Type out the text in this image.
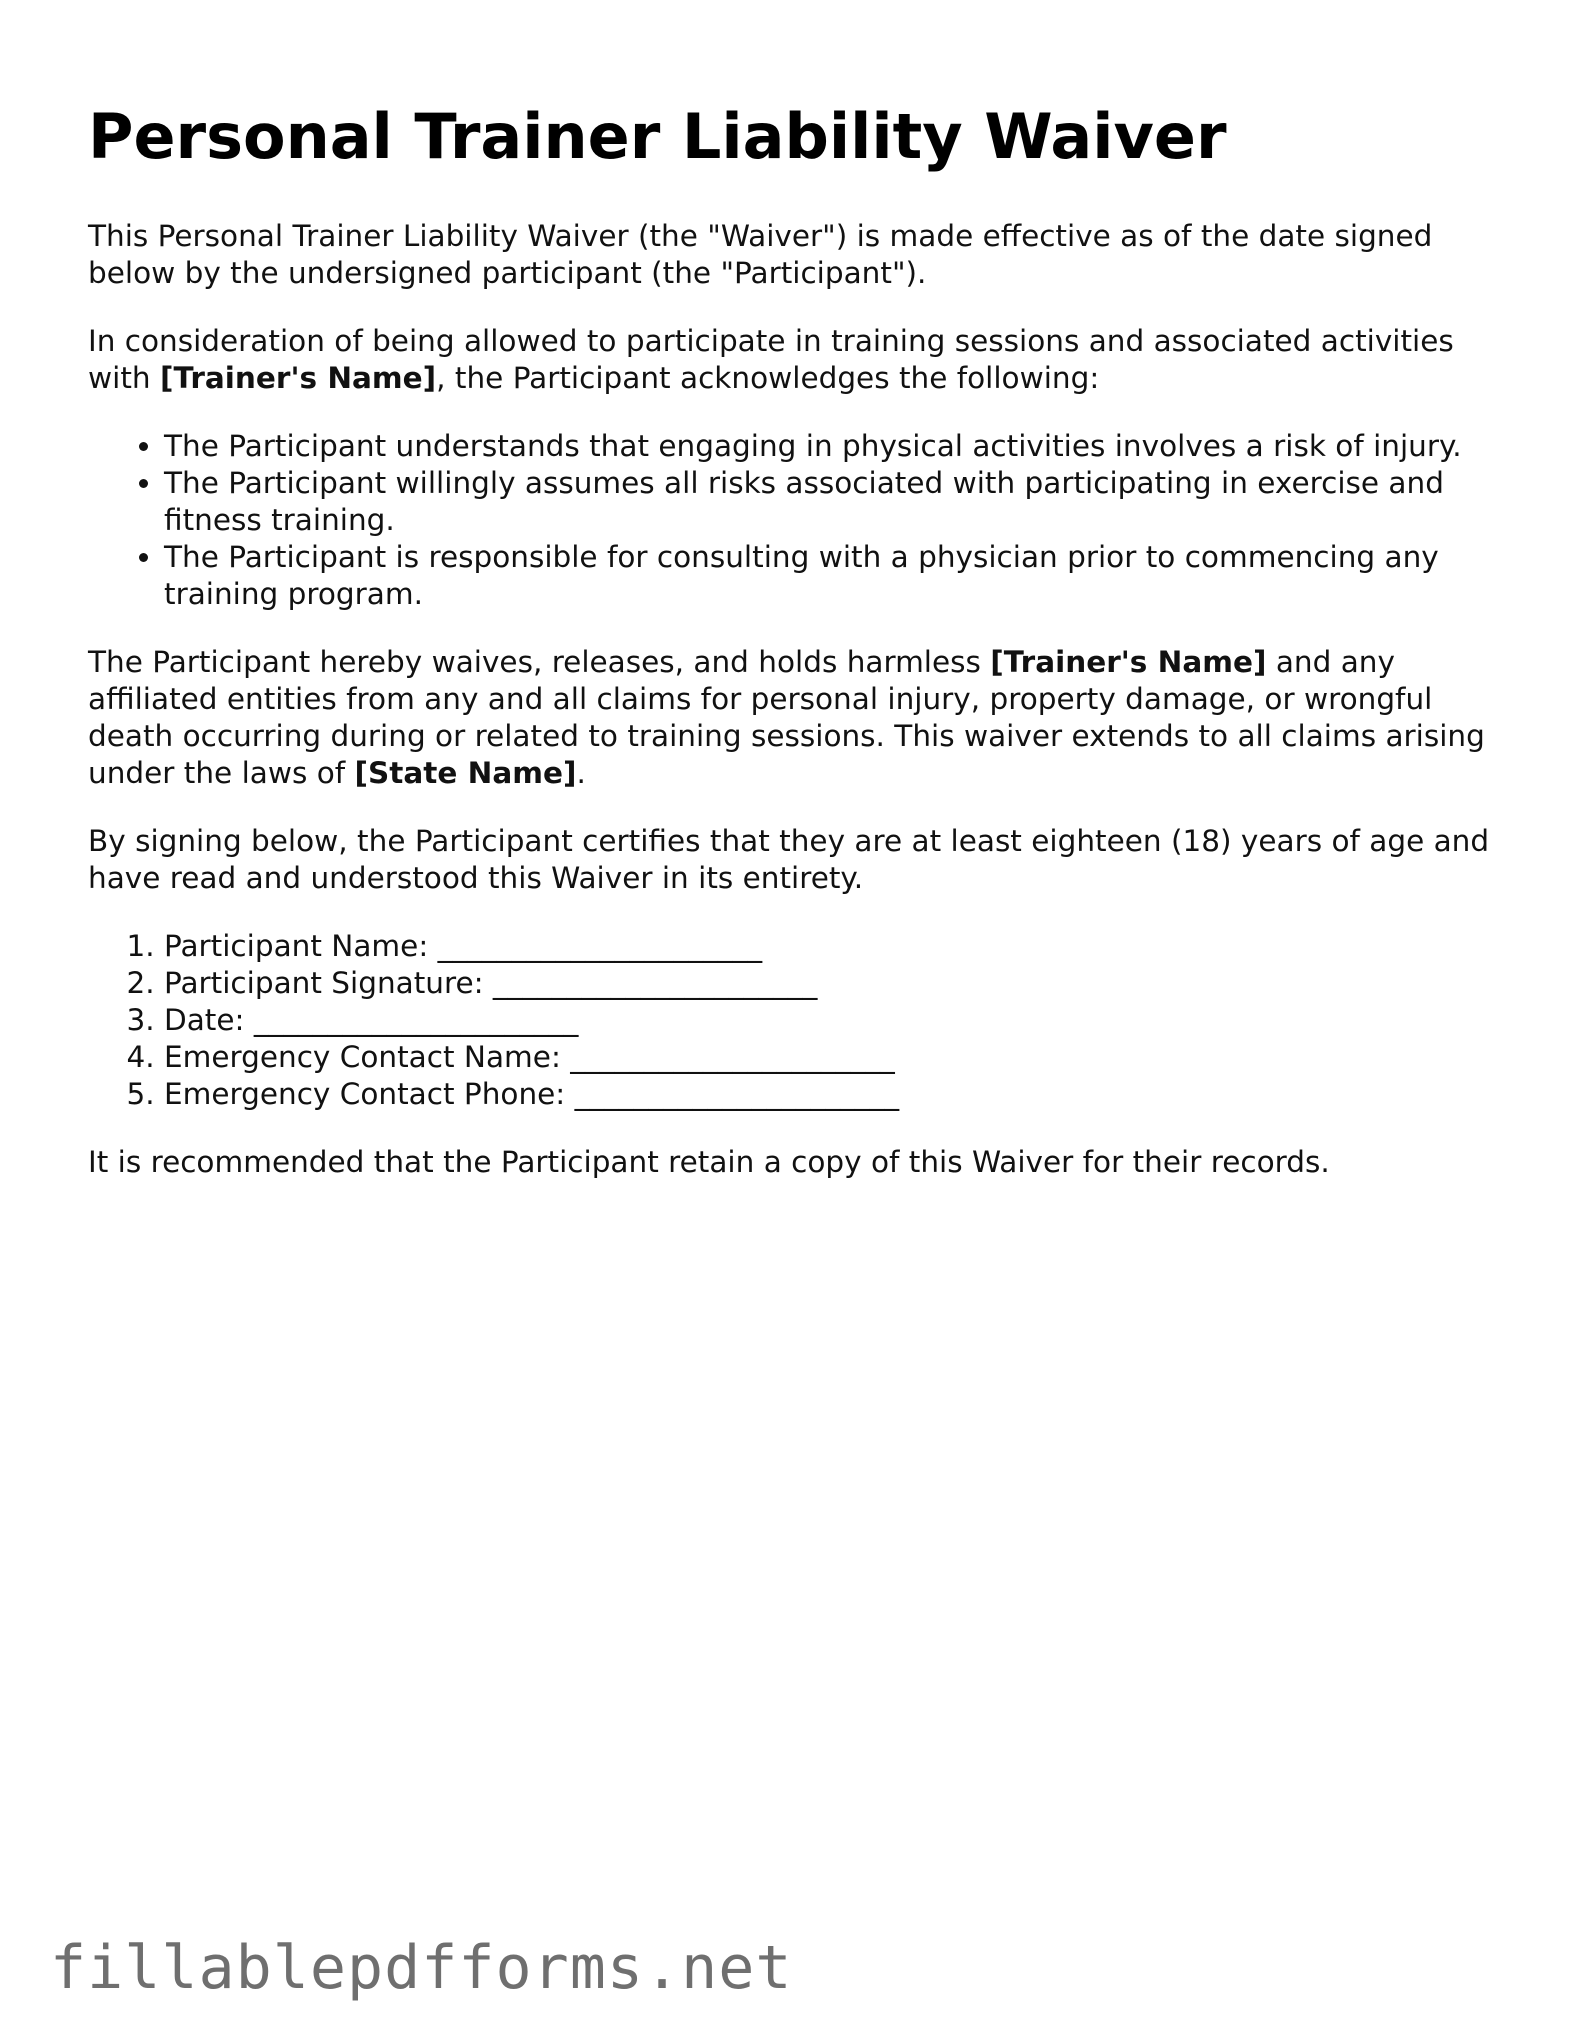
Personal Trainer Liability Waiver

This Personal Trainer Liability Waiver (the "Waiver") is made effective as of the date signed below by the undersigned participant (the "Participant").

In consideration of being allowed to participate in training sessions and associated activities with [Trainer's Name], the Participant acknowledges the following:

• The Participant understands that engaging in physical activities involves a risk of injury.
• The Participant willingly assumes all risks associated with participating in exercise and fitness training.
• The Participant is responsible for consulting with a physician prior to commencing any training program.

The Participant hereby waives, releases, and holds harmless [Trainer's Name] and any affiliated entities from any and all claims for personal injury, property damage, or wrongful death occurring during or related to training sessions. This waiver extends to all claims arising under the laws of [State Name].

By signing below, the Participant certifies that they are at least eighteen (18) years of age and have read and understood this Waiver in its entirety.

1. Participant Name: ______________________
2. Participant Signature: ______________________
3. Date: ______________________
4. Emergency Contact Name: ______________________
5. Emergency Contact Phone: ______________________

It is recommended that the Participant retain a copy of this Waiver for their records.

fillablepdfforms.net
